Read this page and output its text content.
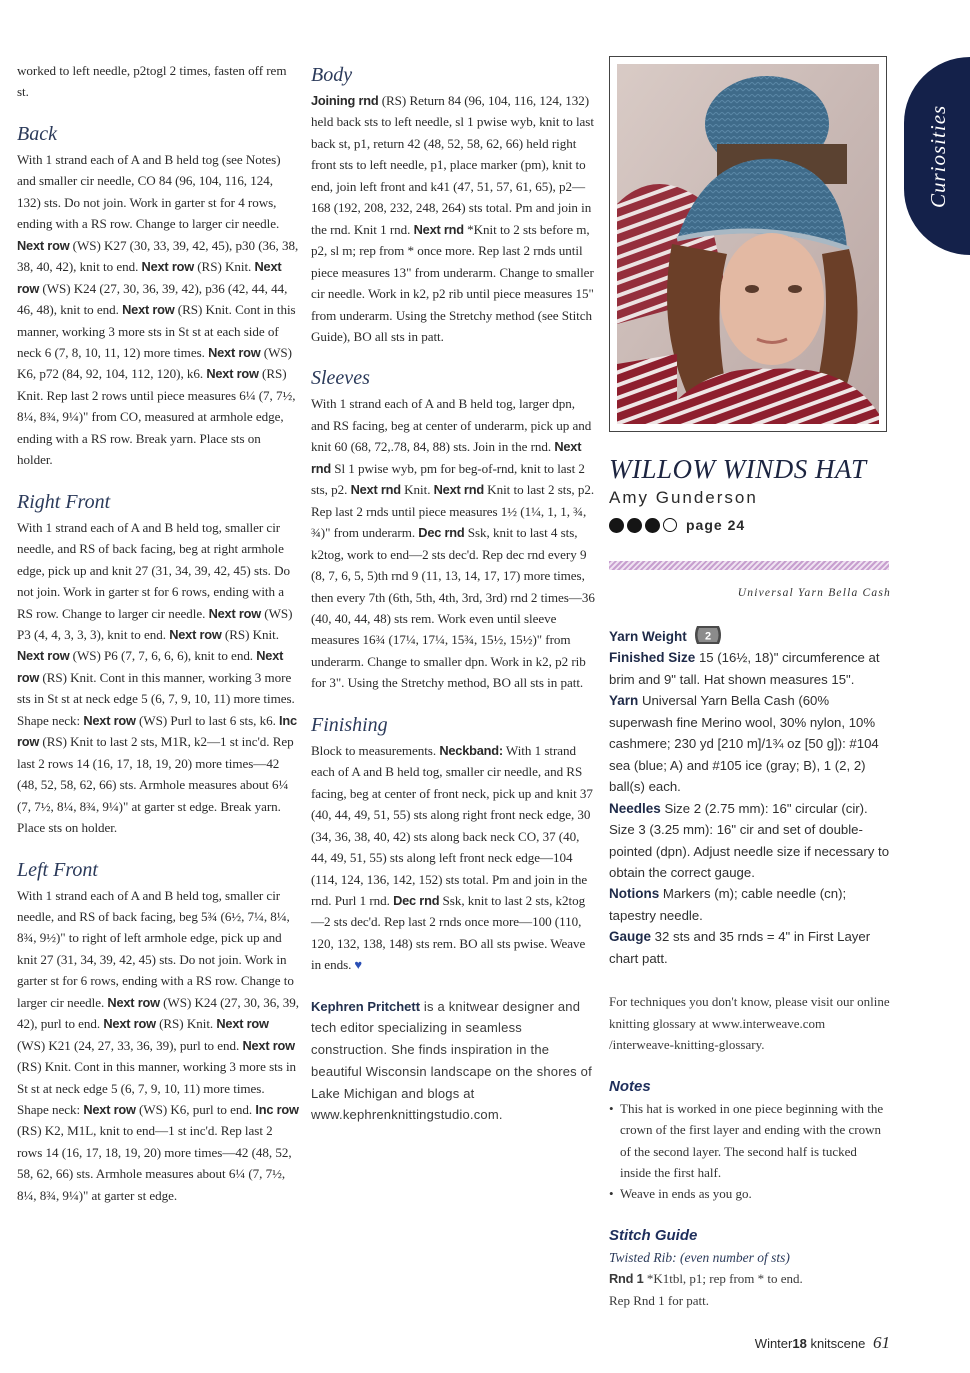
worked to left needle, p2togl 2 times, fasten off rem st.

Back

With 1 strand each of A and B held tog (see Notes) and smaller cir needle, CO 84 (96, 104, 116, 124, 132) sts. Do not join. Work in garter st for 4 rows, ending with a RS row. Change to larger cir needle. Next row (WS) K27 (30, 33, 39, 42, 45), p30 (36, 38, 38, 40, 42), knit to end. Next row (RS) Knit. Next row (WS) K24 (27, 30, 36, 39, 42), p36 (42, 44, 44, 46, 48), knit to end. Next row (RS) Knit. Cont in this manner, working 3 more sts in St st at each side of neck 6 (7, 8, 10, 11, 12) more times. Next row (WS) K6, p72 (84, 92, 104, 112, 120), k6. Next row (RS) Knit. Rep last 2 rows until piece measures 6¼ (7, 7½, 8¼, 8¾, 9¼)" from CO, measured at armhole edge, ending with a RS row. Break yarn. Place sts on holder.

Right Front

With 1 strand each of A and B held tog, smaller cir needle, and RS of back facing, beg at right armhole edge, pick up and knit 27 (31, 34, 39, 42, 45) sts. Do not join. Work in garter st for 6 rows, ending with a RS row. Change to larger cir needle. Next row (WS) P3 (4, 4, 3, 3, 3), knit to end. Next row (RS) Knit. Next row (WS) P6 (7, 7, 6, 6, 6), knit to end. Next row (RS) Knit. Cont in this manner, working 3 more sts in St st at neck edge 5 (6, 7, 9, 10, 11) more times. Shape neck: Next row (WS) Purl to last 6 sts, k6. Inc row (RS) Knit to last 2 sts, M1R, k2—1 st inc'd. Rep last 2 rows 14 (16, 17, 18, 19, 20) more times—42 (48, 52, 58, 62, 66) sts. Armhole measures about 6¼ (7, 7½, 8¼, 8¾, 9¼)" at garter st edge. Break yarn. Place sts on holder.

Left Front

With 1 strand each of A and B held tog, smaller cir needle, and RS of back facing, beg 5¾ (6½, 7¼, 8¼, 8¾, 9½)" to right of left armhole edge, pick up and knit 27 (31, 34, 39, 42, 45) sts. Do not join. Work in garter st for 6 rows, ending with a RS row. Change to larger cir needle. Next row (WS) K24 (27, 30, 36, 39, 42), purl to end. Next row (RS) Knit. Next row (WS) K21 (24, 27, 33, 36, 39), purl to end. Next row (RS) Knit. Cont in this manner, working 3 more sts in St st at neck edge 5 (6, 7, 9, 10, 11) more times. Shape neck: Next row (WS) K6, purl to end. Inc row (RS) K2, M1L, knit to end—1 st inc'd. Rep last 2 rows 14 (16, 17, 18, 19, 20) more times—42 (48, 52, 58, 62, 66) sts. Armhole measures about 6¼ (7, 7½, 8¼, 8¾, 9¼)" at garter st edge.

Body

Joining rnd (RS) Return 84 (96, 104, 116, 124, 132) held back sts to left needle, sl 1 pwise wyb, knit to last back st, p1, return 42 (48, 52, 58, 62, 66) held right front sts to left needle, p1, place marker (pm), knit to end, join left front and k41 (47, 51, 57, 61, 65), p2—168 (192, 208, 232, 248, 264) sts total. Pm and join in the rnd. Knit 1 rnd. Next rnd *Knit to 2 sts before m, p2, sl m; rep from * once more. Rep last 2 rnds until piece measures 13" from underarm. Change to smaller cir needle. Work in k2, p2 rib until piece measures 15" from underarm. Using the Stretchy method (see Stitch Guide), BO all sts in patt.

Sleeves

With 1 strand each of A and B held tog, larger dpn, and RS facing, beg at center of underarm, pick up and knit 60 (68, 72,.78, 84, 88) sts. Join in the rnd. Next rnd Sl 1 pwise wyb, pm for beg-of-rnd, knit to last 2 sts, p2. Next rnd Knit. Next rnd Knit to last 2 sts, p2. Rep last 2 rnds until piece measures 1½ (1¼, 1, 1, ¾, ¾)" from underarm. Dec rnd Ssk, knit to last 4 sts, k2tog, work to end—2 sts dec'd. Rep dec rnd every 9 (8, 7, 6, 5, 5)th rnd 9 (11, 13, 14, 17, 17) more times, then every 7th (6th, 5th, 4th, 3rd, 3rd) rnd 2 times—36 (40, 40, 44, 48) sts rem. Work even until sleeve measures 16¾ (17¼, 17¼, 15¾, 15½, 15½)" from underarm. Change to smaller dpn. Work in k2, p2 rib for 3". Using the Stretchy method, BO all sts in patt.

Finishing

Block to measurements. Neckband: With 1 strand each of A and B held tog, smaller cir needle, and RS facing, beg at center of front neck, pick up and knit 37 (40, 44, 49, 51, 55) sts along right front neck edge, 30 (34, 36, 38, 40, 42) sts along back neck CO, 37 (40, 44, 49, 51, 55) sts along left front neck edge—104 (114, 124, 136, 142, 152) sts total. Pm and join in the rnd. Purl 1 rnd. Dec rnd Ssk, knit to last 2 sts, k2tog—2 sts dec'd. Rep last 2 rnds once more—100 (110, 120, 132, 138, 148) sts rem. BO all sts pwise. Weave in ends. ♥

Kephren Pritchett is a knitwear designer and tech editor specializing in seamless construction. She finds inspiration in the beautiful Wisconsin landscape on the shores of Lake Michigan and blogs at www.kephrenknittingstudio.com.

WILLOW WINDS HAT
Amy Gunderson
page 24
Universal Yarn Bella Cash

Yarn Weight 2

Finished Size 15 (16½, 18)" circumference at brim and 9" tall. Hat shown measures 15".

Yarn Universal Yarn Bella Cash (60% superwash fine Merino wool, 30% nylon, 10% cashmere; 230 yd [210 m]/1¾ oz [50 g]): #104 sea (blue; A) and #105 ice (gray; B), 1 (2, 2) ball(s) each.

Needles Size 2 (2.75 mm): 16" circular (cir). Size 3 (3.25 mm): 16" cir and set of double-pointed (dpn). Adjust needle size if necessary to obtain the correct gauge.

Notions Markers (m); cable needle (cn); tapestry needle.

Gauge 32 sts and 35 rnds = 4" in First Layer chart patt.

For techniques you don't know, please visit our online knitting glossary at www.interweave.com /interweave-knitting-glossary.

Notes
• This hat is worked in one piece beginning with the crown of the first layer and ending with the crown of the second layer. The second half is tucked inside the first half.
• Weave in ends as you go.
Stitch Guide
Twisted Rib: (even number of sts)

Rnd 1 *K1tbl, p1; rep from * to end.

Rep Rnd 1 for patt.

Curiosities
Winter18 knitscene 61
